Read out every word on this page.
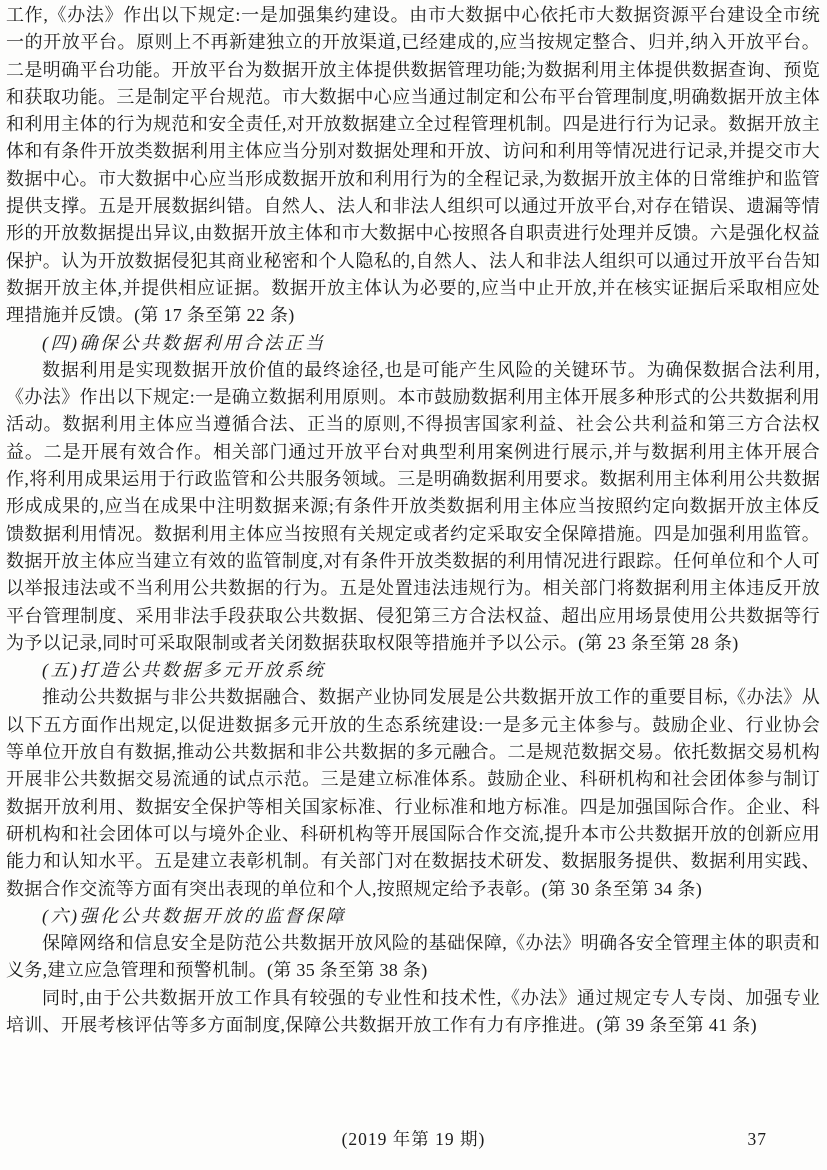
工作,《办法》作出以下规定:一是加强集约建设。由市大数据中心依托市大数据资源平台建设全市统一的开放平台。原则上不再新建独立的开放渠道,已经建成的,应当按规定整合、归并,纳入开放平台。二是明确平台功能。开放平台为数据开放主体提供数据管理功能;为数据利用主体提供数据查询、预览和获取功能。三是制定平台规范。市大数据中心应当通过制定和公布平台管理制度,明确数据开放主体和利用主体的行为规范和安全责任,对开放数据建立全过程管理机制。四是进行行为记录。数据开放主体和有条件开放类数据利用主体应当分别对数据处理和开放、访问和利用等情况进行记录,并提交市大数据中心。市大数据中心应当形成数据开放和利用行为的全程记录,为数据开放主体的日常维护和监管提供支撑。五是开展数据纠错。自然人、法人和非法人组织可以通过开放平台,对存在错误、遗漏等情形的开放数据提出异议,由数据开放主体和市大数据中心按照各自职责进行处理并反馈。六是强化权益保护。认为开放数据侵犯其商业秘密和个人隐私的,自然人、法人和非法人组织可以通过开放平台告知数据开放主体,并提供相应证据。数据开放主体认为必要的,应当中止开放,并在核实证据后采取相应处理措施并反馈。(第 17 条至第 22 条)

(四)确保公共数据利用合法正当

数据利用是实现数据开放价值的最终途径,也是可能产生风险的关键环节。为确保数据合法利用,《办法》作出以下规定:一是确立数据利用原则。本市鼓励数据利用主体开展多种形式的公共数据利用活动。数据利用主体应当遵循合法、正当的原则,不得损害国家利益、社会公共利益和第三方合法权益。二是开展有效合作。相关部门通过开放平台对典型利用案例进行展示,并与数据利用主体开展合作,将利用成果运用于行政监管和公共服务领域。三是明确数据利用要求。数据利用主体利用公共数据形成成果的,应当在成果中注明数据来源;有条件开放类数据利用主体应当按照约定向数据开放主体反馈数据利用情况。数据利用主体应当按照有关规定或者约定采取安全保障措施。四是加强利用监管。数据开放主体应当建立有效的监管制度,对有条件开放类数据的利用情况进行跟踪。任何单位和个人可以举报违法或不当利用公共数据的行为。五是处置违法违规行为。相关部门将数据利用主体违反开放平台管理制度、采用非法手段获取公共数据、侵犯第三方合法权益、超出应用场景使用公共数据等行为予以记录,同时可采取限制或者关闭数据获取权限等措施并予以公示。(第 23 条至第 28 条)

(五)打造公共数据多元开放系统

推动公共数据与非公共数据融合、数据产业协同发展是公共数据开放工作的重要目标,《办法》从以下五方面作出规定,以促进数据多元开放的生态系统建设:一是多元主体参与。鼓励企业、行业协会等单位开放自有数据,推动公共数据和非公共数据的多元融合。二是规范数据交易。依托数据交易机构开展非公共数据交易流通的试点示范。三是建立标准体系。鼓励企业、科研机构和社会团体参与制订数据开放利用、数据安全保护等相关国家标准、行业标准和地方标准。四是加强国际合作。企业、科研机构和社会团体可以与境外企业、科研机构等开展国际合作交流,提升本市公共数据开放的创新应用能力和认知水平。五是建立表彰机制。有关部门对在数据技术研发、数据服务提供、数据利用实践、数据合作交流等方面有突出表现的单位和个人,按照规定给予表彰。(第 30 条至第 34 条)

(六)强化公共数据开放的监督保障

保障网络和信息安全是防范公共数据开放风险的基础保障,《办法》明确各安全管理主体的职责和义务,建立应急管理和预警机制。(第 35 条至第 38 条)

同时,由于公共数据开放工作具有较强的专业性和技术性,《办法》通过规定专人专岗、加强专业培训、开展考核评估等多方面制度,保障公共数据开放工作有力有序推进。(第 39 条至第 41 条)

(2019 年第 19 期)	37
